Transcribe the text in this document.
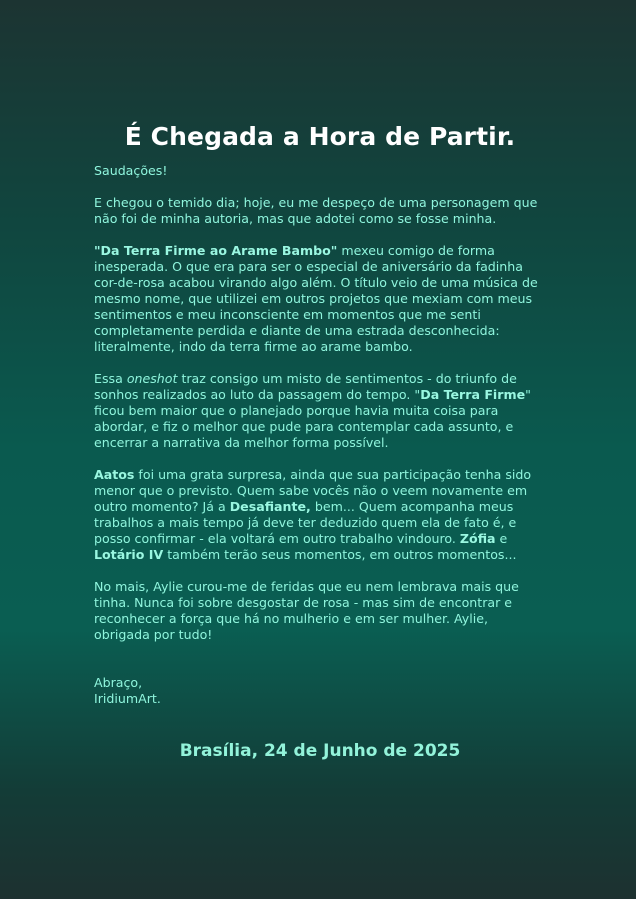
É Chegada a Hora de Partir.

Saudações!

E chegou o temido dia; hoje, eu me despeço de uma personagem que não foi de minha autoria, mas que adotei como se fosse minha.

"Da Terra Firme ao Arame Bambo" mexeu comigo de forma inesperada. O que era para ser o especial de aniversário da fadinha cor-de-rosa acabou virando algo além. O título veio de uma música de mesmo nome, que utilizei em outros projetos que mexiam com meus sentimentos e meu inconsciente em momentos que me senti completamente perdida e diante de uma estrada desconhecida: literalmente, indo da terra firme ao arame bambo.

Essa oneshot traz consigo um misto de sentimentos - do triunfo de sonhos realizados ao luto da passagem do tempo. "Da Terra Firme" ficou bem maior que o planejado porque havia muita coisa para abordar, e fiz o melhor que pude para contemplar cada assunto, e encerrar a narrativa da melhor forma possível.

Aatos foi uma grata surpresa, ainda que sua participação tenha sido menor que o previsto. Quem sabe vocês não o veem novamente em outro momento? Já a Desafiante, bem... Quem acompanha meus trabalhos a mais tempo já deve ter deduzido quem ela de fato é, e posso confirmar - ela voltará em outro trabalho vindouro. Zófia e Lotário IV também terão seus momentos, em outros momentos...

No mais, Aylie curou-me de feridas que eu nem lembrava mais que tinha. Nunca foi sobre desgostar de rosa - mas sim de encontrar e reconhecer a força que há no mulherio e em ser mulher. Aylie, obrigada por tudo!

Abraço,
IridiumArt.
Brasília, 24 de Junho de 2025
